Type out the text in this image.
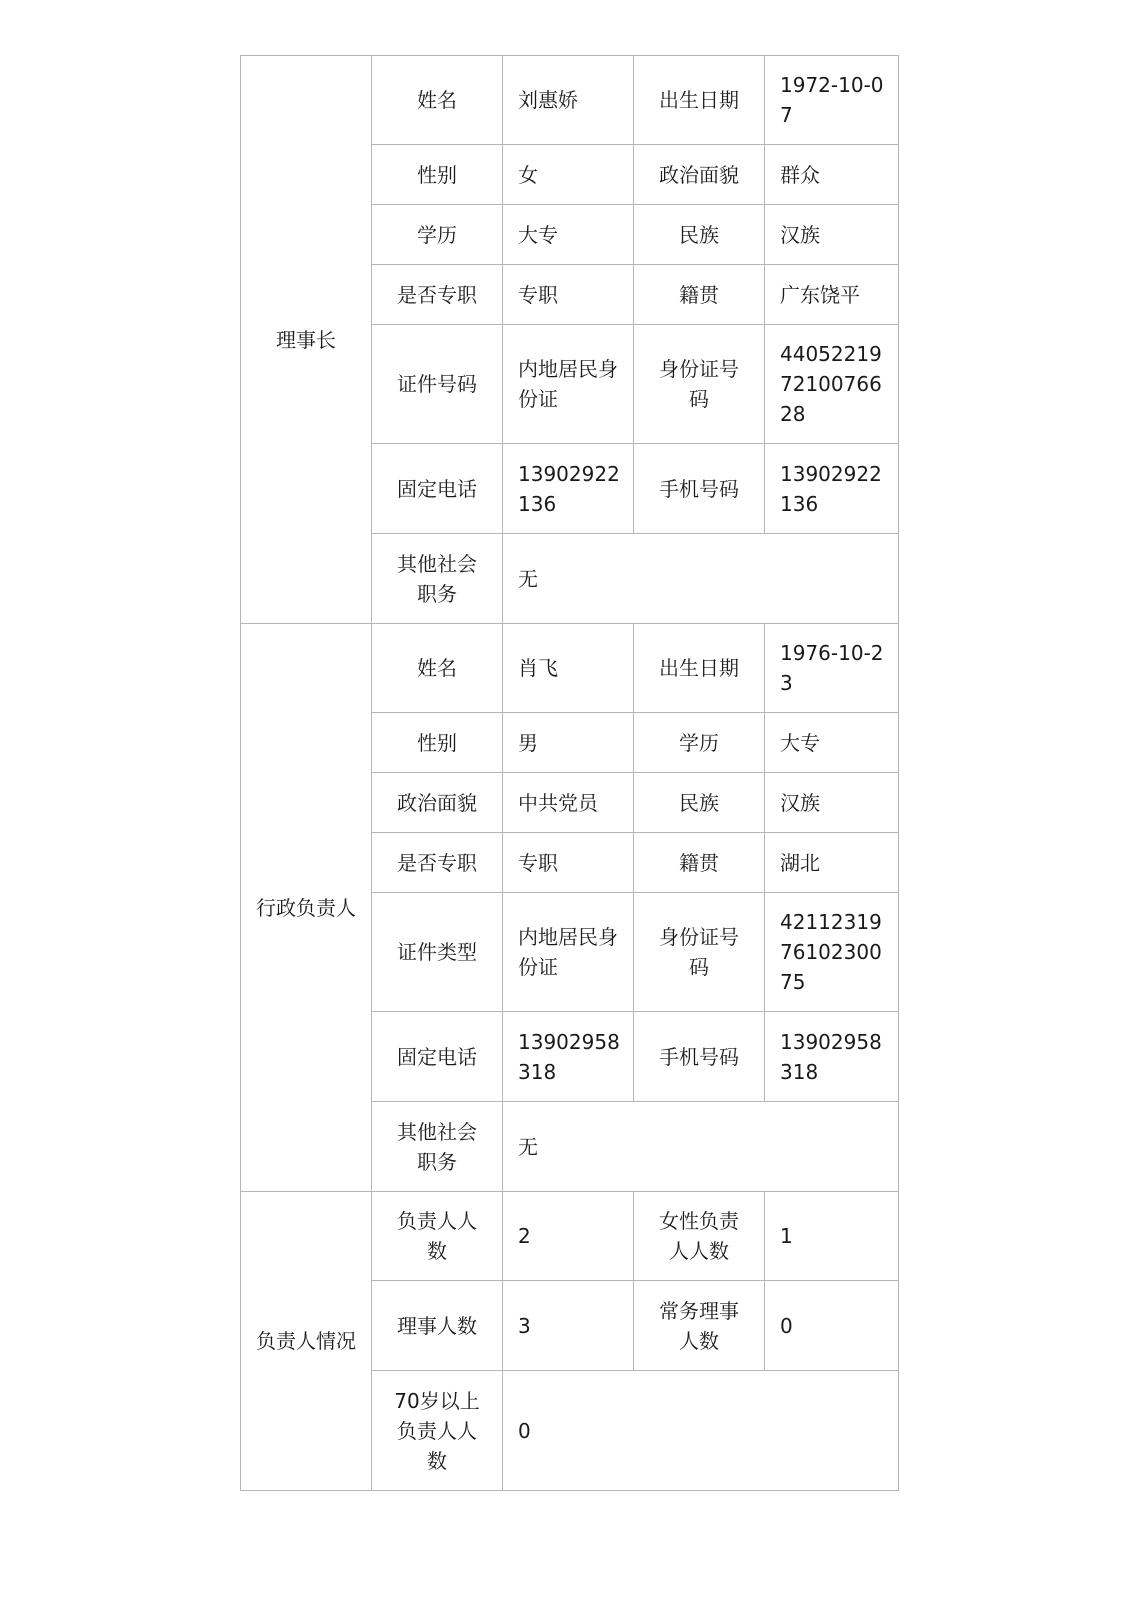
理事长	姓名	刘惠娇	出生日期	1972-10-07
	性别	女	政治面貌	群众
	学历	大专	民族	汉族
	是否专职	专职	籍贯	广东饶平
	证件号码	内地居民身份证	身份证号码	440522197210076628
	固定电话	13902922136	手机号码	13902922136
	其他社会职务	无		
行政负责人	姓名	肖飞	出生日期	1976-10-23
	性别	男	学历	大专
	政治面貌	中共党员	民族	汉族
	是否专职	专职	籍贯	湖北
	证件类型	内地居民身份证	身份证号码	421123197610230075
	固定电话	13902958318	手机号码	13902958318
	其他社会职务	无		
负责人情况	负责人人数	2	女性负责人人数	1
	理事人数	3	常务理事人数	0
	70岁以上负责人人数	0		
